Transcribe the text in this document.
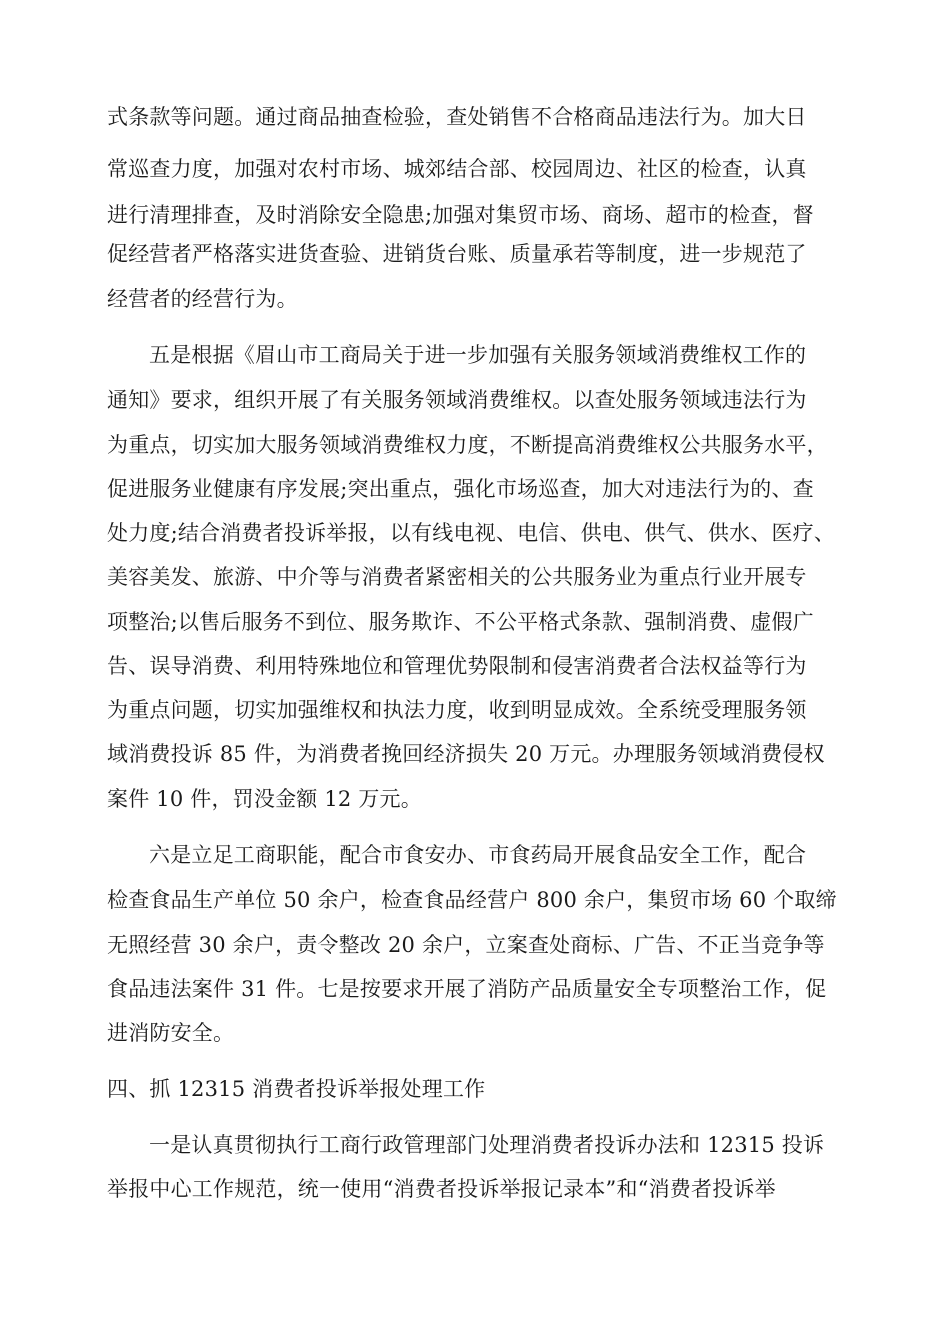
式条款等问题。通过商品抽查检验，查处销售不合格商品违法行为。加大日
常巡查力度，加强对农村市场、城郊结合部、校园周边、社区的检查，认真
进行清理排查，及时消除安全隐患;加强对集贸市场、商场、超市的检查，督
促经营者严格落实进货查验、进销货台账、质量承若等制度，进一步规范了
经营者的经营行为。
五是根据《眉山市工商局关于进一步加强有关服务领域消费维权工作的
通知》要求，组织开展了有关服务领域消费维权。以查处服务领域违法行为
为重点，切实加大服务领域消费维权力度，不断提高消费维权公共服务水平，
促进服务业健康有序发展;突出重点，强化市场巡查，加大对违法行为的、查
处力度;结合消费者投诉举报，以有线电视、电信、供电、供气、供水、医疗、
美容美发、旅游、中介等与消费者紧密相关的公共服务业为重点行业开展专
项整治;以售后服务不到位、服务欺诈、不公平格式条款、强制消费、虚假广
告、误导消费、利用特殊地位和管理优势限制和侵害消费者合法权益等行为
为重点问题，切实加强维权和执法力度，收到明显成效。全系统受理服务领
域消费投诉 85 件，为消费者挽回经济损失 20 万元。办理服务领域消费侵权
案件 10 件，罚没金额 12 万元。
六是立足工商职能，配合市食安办、市食药局开展食品安全工作，配合
检查食品生产单位 50 余户，检查食品经营户 800 余户，集贸市场 60 个取缔
无照经营 30 余户，责令整改 20 余户，立案查处商标、广告、不正当竞争等
食品违法案件 31 件。七是按要求开展了消防产品质量安全专项整治工作，促
进消防安全。
四、抓 12315 消费者投诉举报处理工作
一是认真贯彻执行工商行政管理部门处理消费者投诉办法和 12315 投诉
举报中心工作规范，统一使用“消费者投诉举报记录本”和“消费者投诉举
